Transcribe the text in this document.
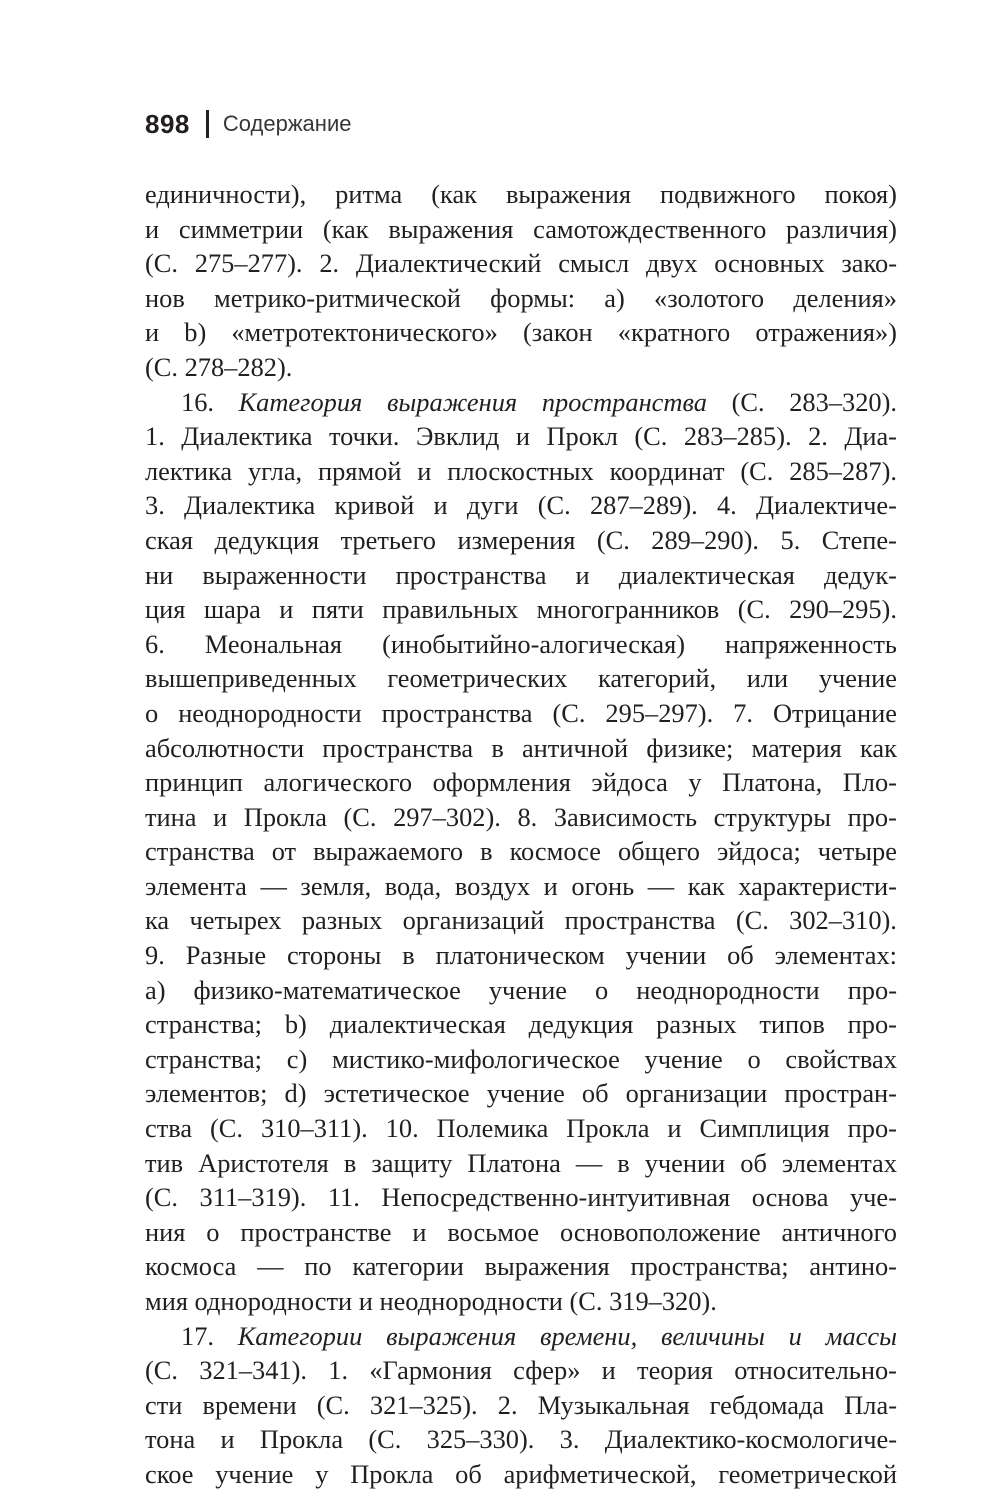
898 Содержание
единичности), ритма (как выражения подвижного покоя)
и симметрии (как выражения самотождественного различия)
(С. 275–277). 2. Диалектический смысл двух основных зако-
нов метрико-ритмической формы: а) «золотого деления»
и b) «метротектонического» (закон «кратного отражения»)
(С. 278–282).
16. Категория выражения пространства (С. 283–320).
1. Диалектика точки. Эвклид и Прокл (С. 283–285). 2. Диа-
лектика угла, прямой и плоскостных координат (С. 285–287).
3. Диалектика кривой и дуги (С. 287–289). 4. Диалектиче-
ская дедукция третьего измерения (С. 289–290). 5. Степе-
ни выраженности пространства и диалектическая дедук-
ция шара и пяти правильных многогранников (С. 290–295).
6. Меональная (инобытийно-алогическая) напряженность
вышеприведенных геометрических категорий, или учение
о неоднородности пространства (С. 295–297). 7. Отрицание
абсолютности пространства в античной физике; материя как
принцип алогического оформления эйдоса у Платона, Пло-
тина и Прокла (С. 297–302). 8. Зависимость структуры про-
странства от выражаемого в космосе общего эйдоса; четыре
элемента — земля, вода, воздух и огонь — как характеристи-
ка четырех разных организаций пространства (С. 302–310).
9. Разные стороны в платоническом учении об элементах:
а) физико-математическое учение о неоднородности про-
странства; b) диалектическая дедукция разных типов про-
странства; с) мистико-мифологическое учение о свойствах
элементов; d) эстетическое учение об организации простран-
ства (С. 310–311). 10. Полемика Прокла и Симплиция про-
тив Аристотеля в защиту Платона — в учении об элементах
(С. 311–319). 11. Непосредственно-интуитивная основа уче-
ния о пространстве и восьмое основоположение античного
космоса — по категории выражения пространства; антино-
мия однородности и неоднородности (С. 319–320).
17. Категории выражения времени, величины и массы
(С. 321–341). 1. «Гармония сфер» и теория относительно-
сти времени (С. 321–325). 2. Музыкальная гебдомада Пла-
тона и Прокла (С. 325–330). 3. Диалектико-космологиче-
ское учение у Прокла об арифметической, геометрической
